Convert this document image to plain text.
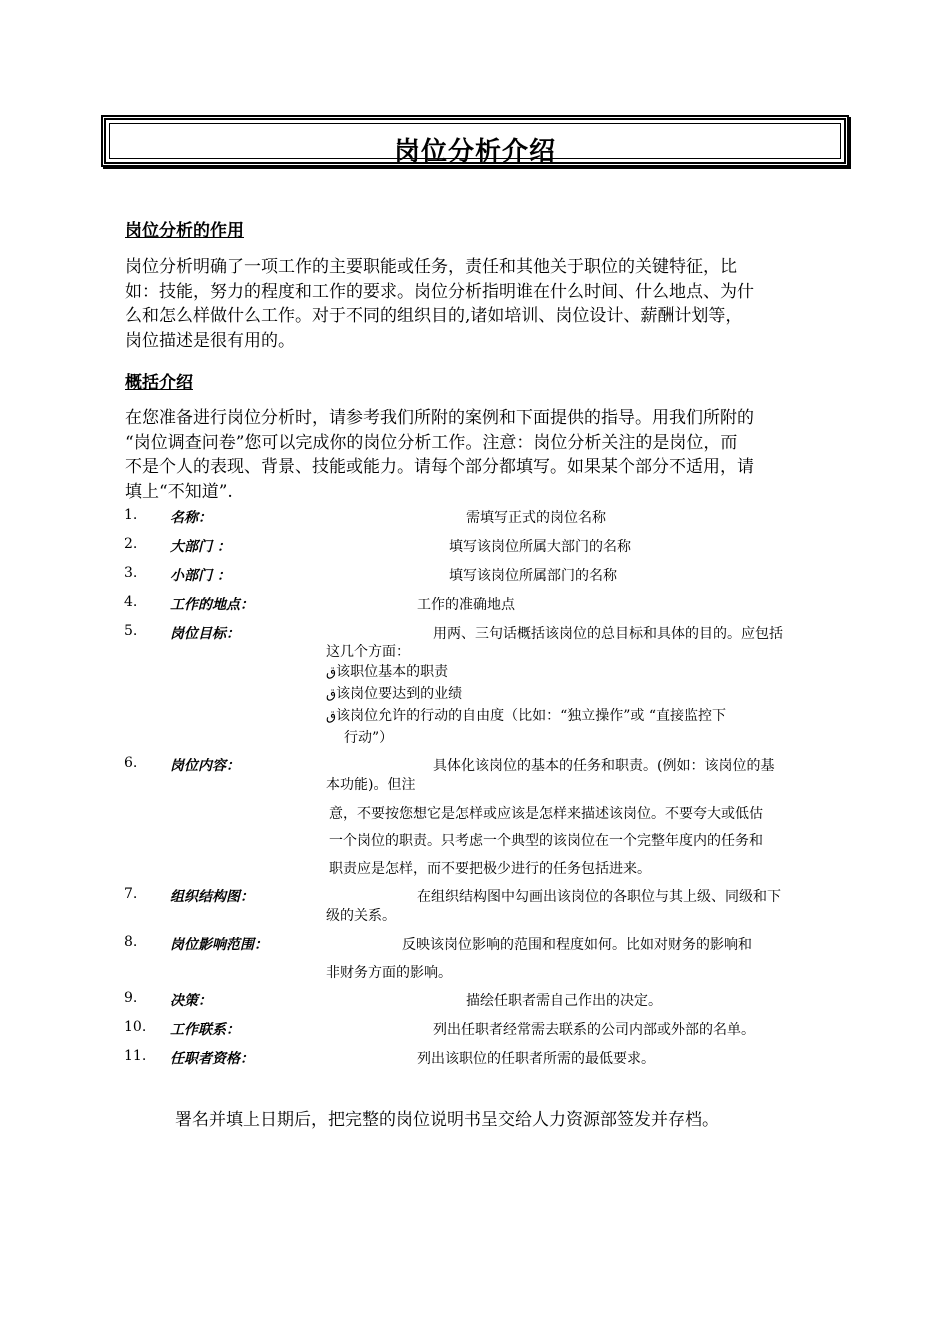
岗位分析介绍
岗位分析的作用
岗位分析明确了一项工作的主要职能或任务，责任和其他关于职位的关键特征，比
如：技能，努力的程度和工作的要求。岗位分析指明谁在什么时间、什么地点、为什
么和怎么样做什么工作。对于不同的组织目的,诸如培训、岗位设计、薪酬计划等，
岗位描述是很有用的。
概括介绍
在您准备进行岗位分析时，请参考我们所附的案例和下面提供的指导。用我们所附的
“岗位调查问卷”您可以完成你的岗位分析工作。注意：岗位分析关注的是岗位，而
不是个人的表现、背景、技能或能力。请每个部分都填写。如果某个部分不适用，请
填上“不知道”.
1. 名称：	需填写正式的岗位名称
2. 大部门 ：	填写该岗位所属大部门的名称
3. 小部门 ：	填写该岗位所属部门的名称
4. 工作的地点：	工作的准确地点
5. 岗位目标：	用两、三句话概括该岗位的总目标和具体的目的。应包括
这几个方面：
ق该职位基本的职责
ق该岗位要达到的业绩
ق该岗位允许的行动的自由度（比如：“独立操作”或 “直接监控下
行动”）
6. 岗位内容：	具体化该岗位的基本的任务和职责。(例如：该岗位的基
本功能)。但注
意，不要按您想它是怎样或应该是怎样来描述该岗位。不要夸大或低估
一个岗位的职责。只考虑一个典型的该岗位在一个完整年度内的任务和
职责应是怎样，而不要把极少进行的任务包括进来。
7. 组织结构图：	在组织结构图中勾画出该岗位的各职位与其上级、同级和下
级的关系。
8. 岗位影响范围：	反映该岗位影响的范围和程度如何。比如对财务的影响和
非财务方面的影响。
9. 决策：	描绘任职者需自己作出的决定。
10. 工作联系：	列出任职者经常需去联系的公司内部或外部的名单。
11. 任职者资格：	列出该职位的任职者所需的最低要求。
署名并填上日期后，把完整的岗位说明书呈交给人力资源部签发并存档。
